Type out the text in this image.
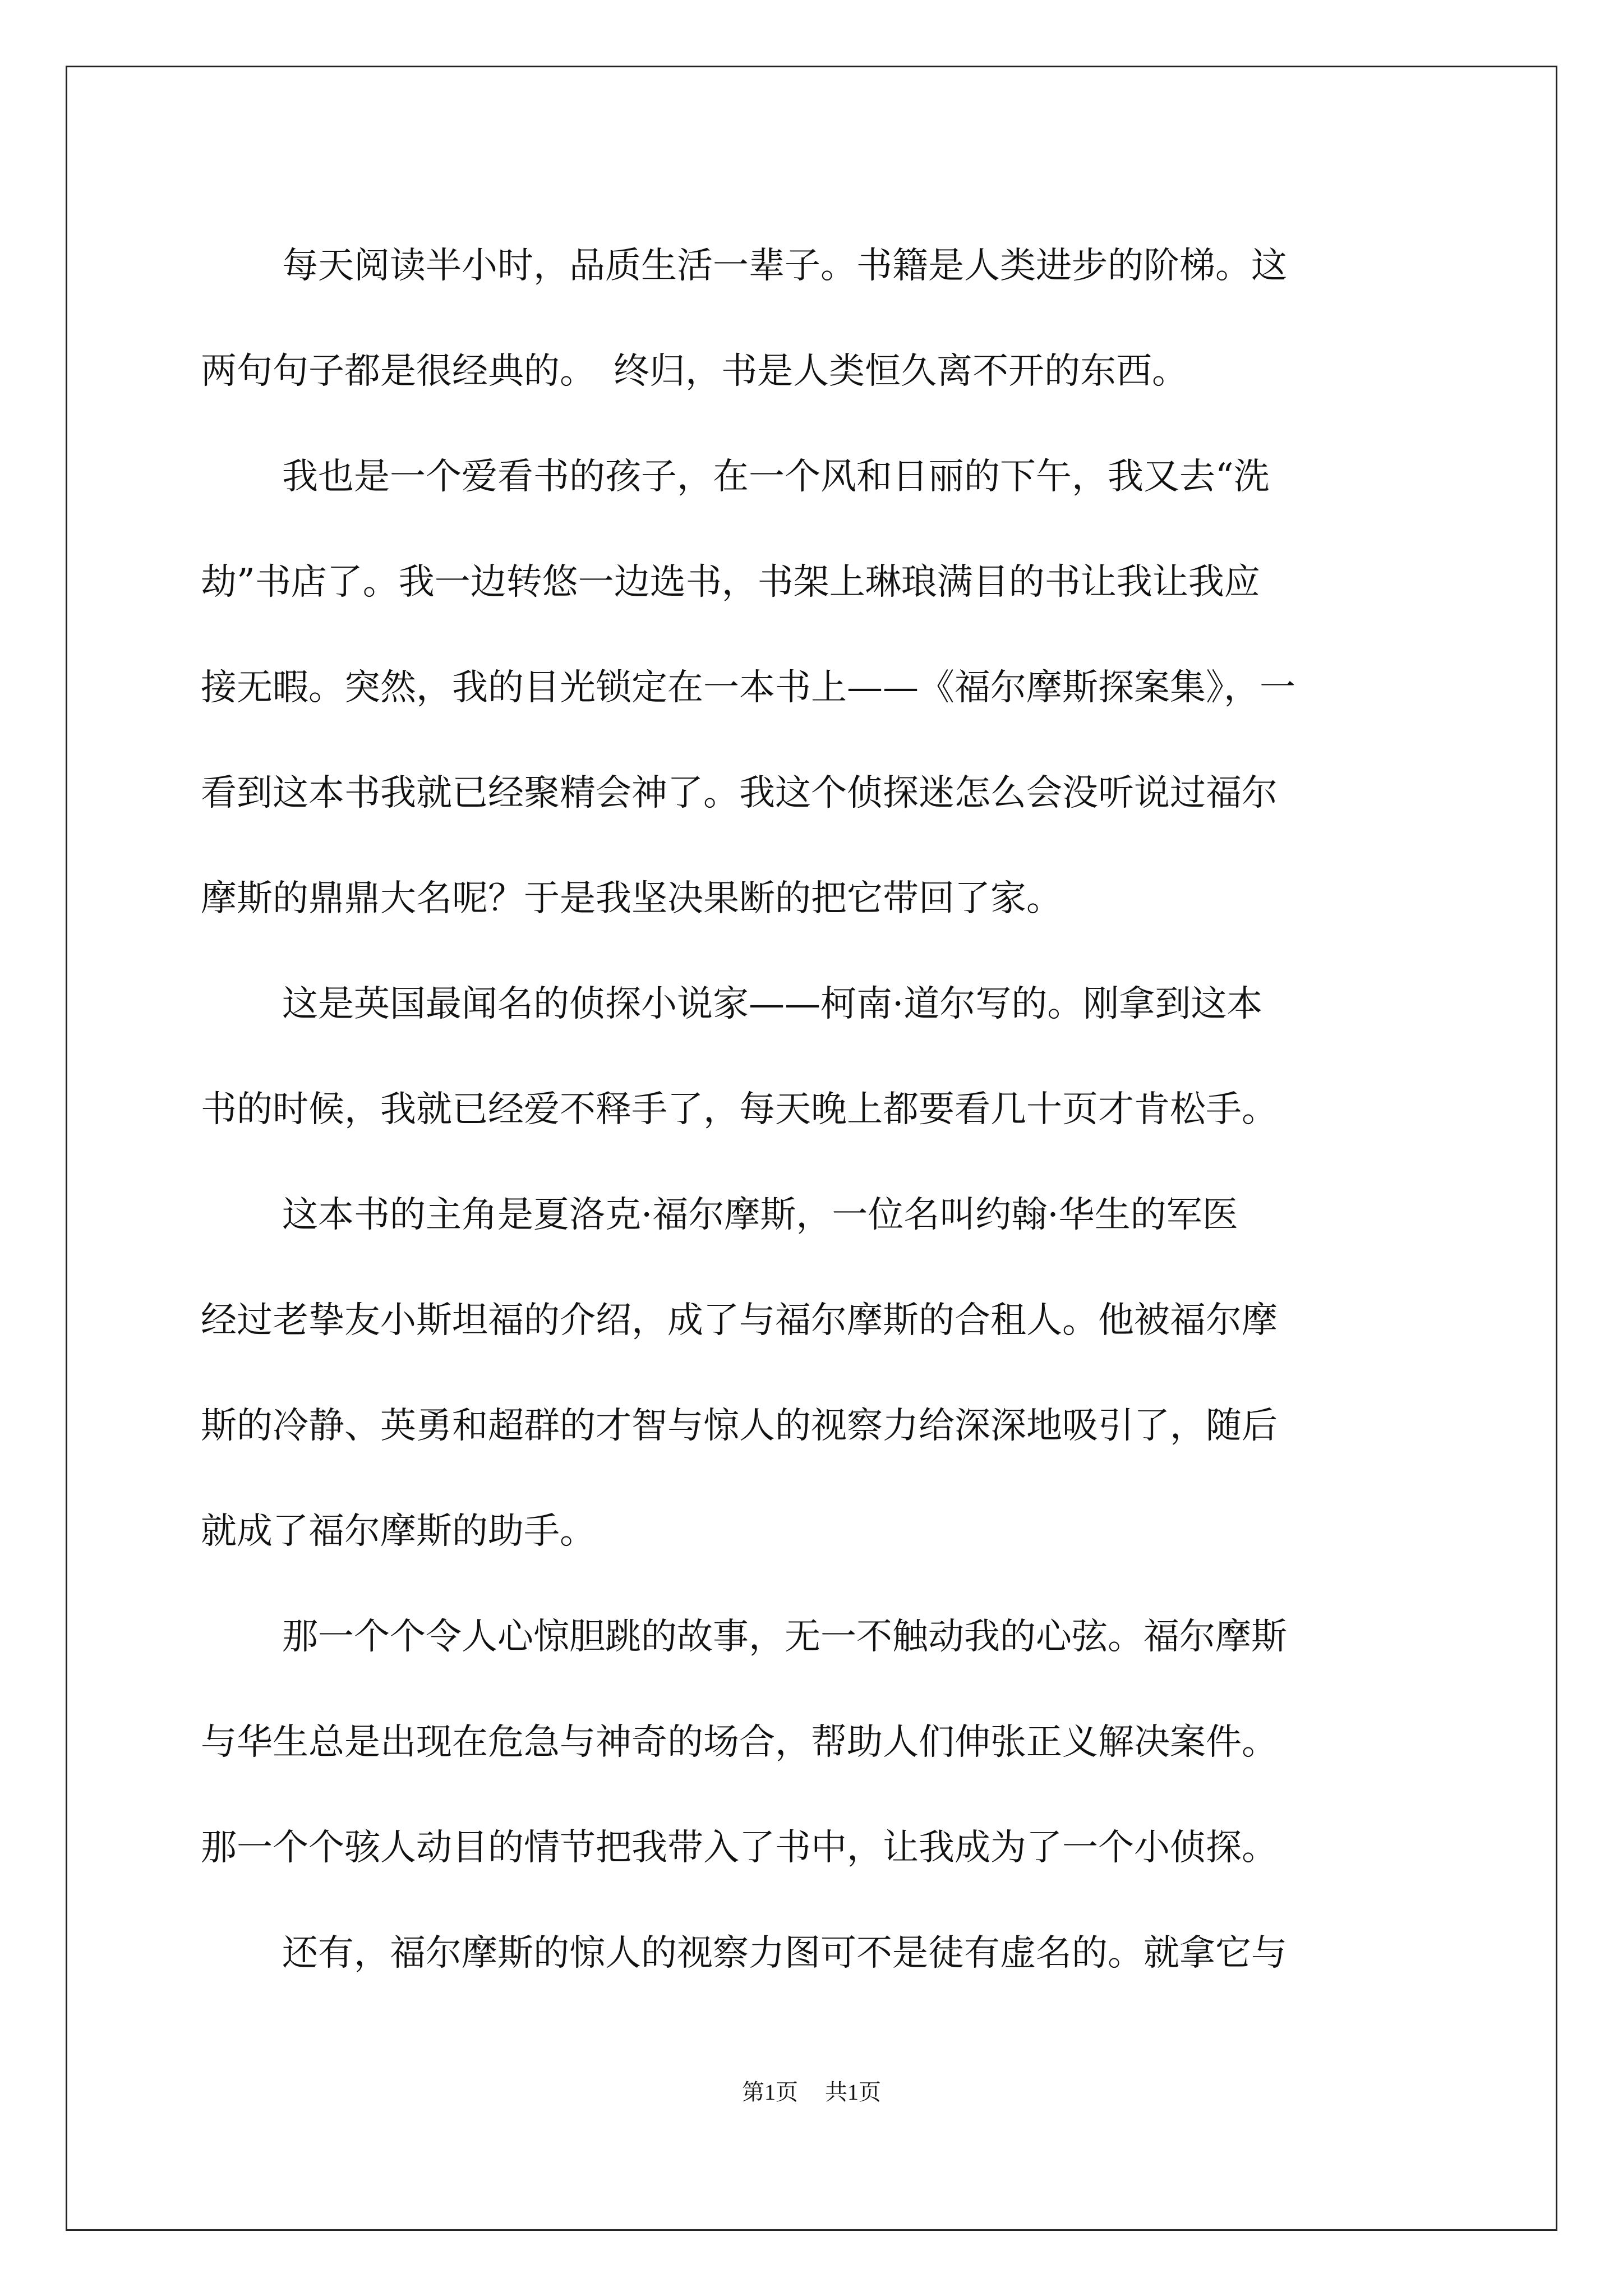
每天阅读半小时，品质生活一辈子。书籍是人类进步的阶梯。这
两句句子都是很经典的。　终归，书是人类恒久离不开的东西。
我也是一个爱看书的孩子，在一个风和日丽的下午，我又去“洗
劫”书店了。我一边转悠一边选书，书架上琳琅满目的书让我让我应
接无暇。突然，我的目光锁定在一本书上——《福尔摩斯探案集》，一
看到这本书我就已经聚精会神了。我这个侦探迷怎么会没听说过福尔
摩斯的鼎鼎大名呢？于是我坚决果断的把它带回了家。
这是英国最闻名的侦探小说家——柯南·道尔写的。刚拿到这本
书的时候，我就已经爱不释手了，每天晚上都要看几十页才肯松手。
这本书的主角是夏洛克·福尔摩斯，一位名叫约翰·华生的军医
经过老挚友小斯坦福的介绍，成了与福尔摩斯的合租人。他被福尔摩
斯的冷静、英勇和超群的才智与惊人的视察力给深深地吸引了，随后
就成了福尔摩斯的助手。
那一个个令人心惊胆跳的故事，无一不触动我的心弦。福尔摩斯
与华生总是出现在危急与神奇的场合，帮助人们伸张正义解决案件。
那一个个骇人动目的情节把我带入了书中，让我成为了一个小侦探。
还有，福尔摩斯的惊人的视察力图可不是徒有虚名的。就拿它与
第1页 共1页
